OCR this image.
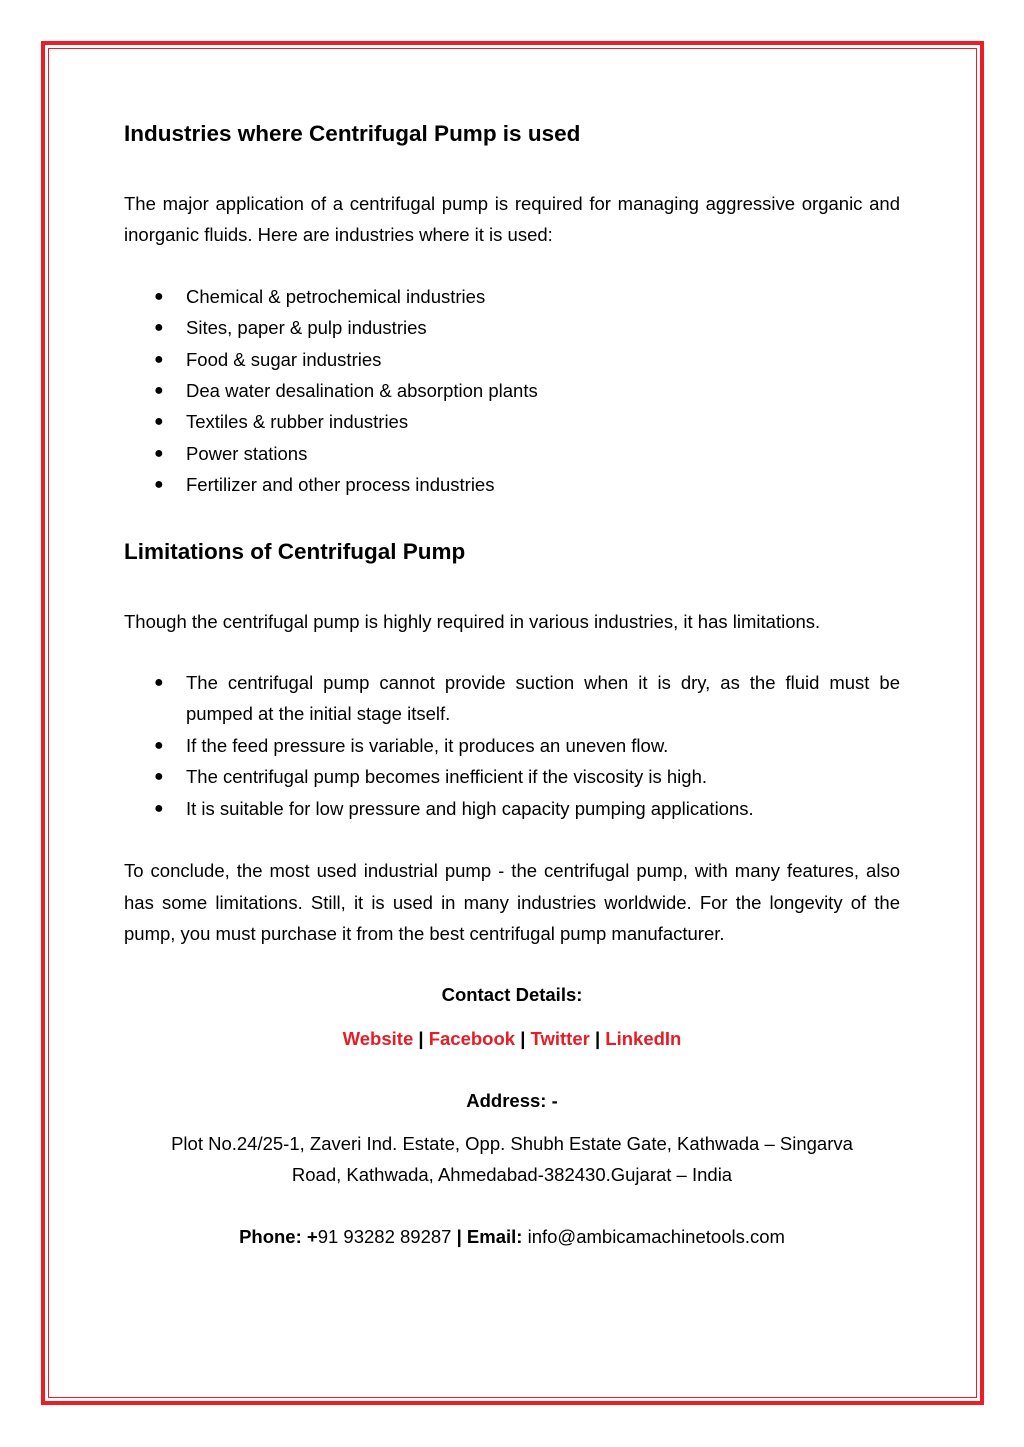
Industries where Centrifugal Pump is used

The major application of a centrifugal pump is required for managing aggressive organic and inorganic fluids. Here are industries where it is used:

● Chemical & petrochemical industries
● Sites, paper & pulp industries
● Food & sugar industries
● Dea water desalination & absorption plants
● Textiles & rubber industries
● Power stations
● Fertilizer and other process industries
Limitations of Centrifugal Pump

Though the centrifugal pump is highly required in various industries, it has limitations.

● The centrifugal pump cannot provide suction when it is dry, as the fluid must be pumped at the initial stage itself.
● If the feed pressure is variable, it produces an uneven flow.
● The centrifugal pump becomes inefficient if the viscosity is high.
● It is suitable for low pressure and high capacity pumping applications.

To conclude, the most used industrial pump - the centrifugal pump, with many features, also has some limitations. Still, it is used in many industries worldwide. For the longevity of the pump, you must purchase it from the best centrifugal pump manufacturer.

Contact Details:

Website | Facebook | Twitter | LinkedIn

Address: -

Plot No.24/25-1, Zaveri Ind. Estate, Opp. Shubh Estate Gate, Kathwada – Singarva
Road, Kathwada, Ahmedabad-382430.Gujarat – India

Phone: +91 93282 89287 | Email: info@ambicamachinetools.com
